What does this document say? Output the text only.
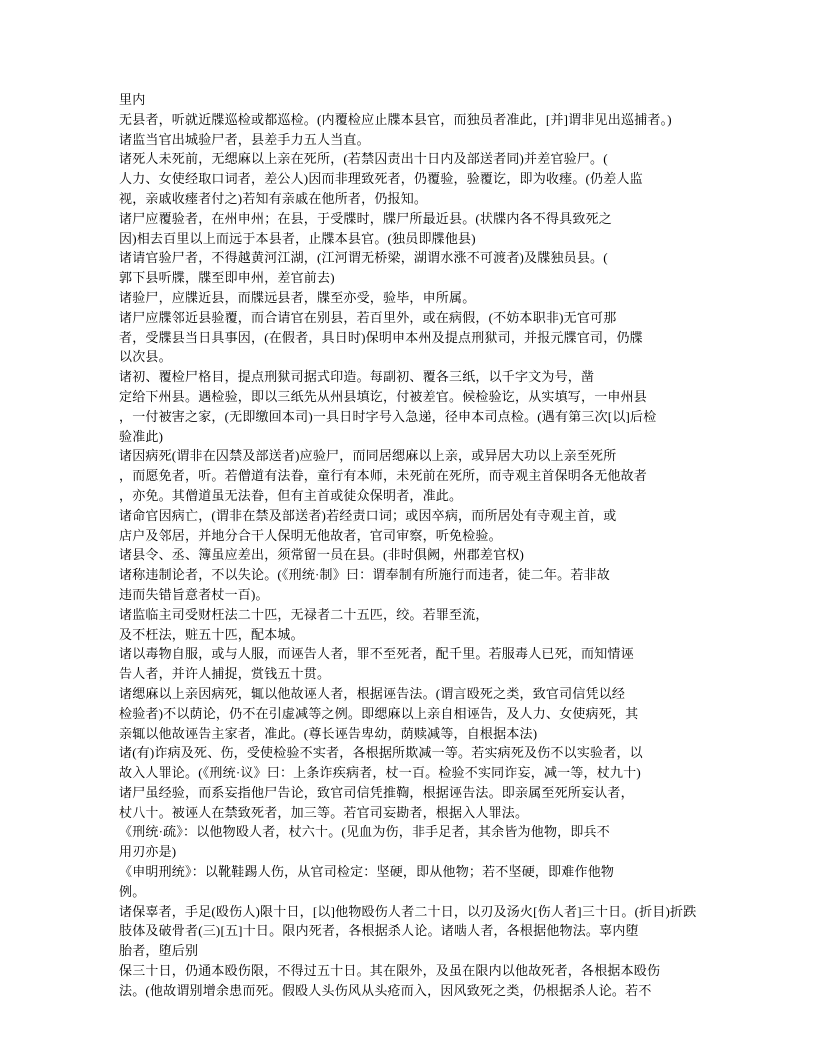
里内
无县者，听就近牒巡检或都巡检。(内覆检应止牒本县官，而独员者准此，[并]谓非见出巡捕者。)
诸监当官出城验尸者，县差手力五人当直。
诸死人未死前，无缌麻以上亲在死所，(若禁囚责出十日内及部送者同)并差官验尸。(
人力、女使经取口词者，差公人)因而非理致死者，仍覆验，验覆讫，即为收瘗。(仍差人监
视，亲戚收瘗者付之)若知有亲戚在他所者，仍报知。
诸尸应覆验者，在州申州；在县，于受牒时，牒尸所最近县。(状牒内各不得具致死之
因)相去百里以上而远于本县者，止牒本县官。(独员即牒他县)
诸请官验尸者，不得越黄河江湖，(江河谓无桥梁，湖谓水涨不可渡者)及牒独员县。(
郭下县听牒，牒至即申州，差官前去)
诸验尸，应牒近县，而牒远县者，牒至亦受，验毕，申所属。
诸尸应牒邻近县验覆，而合请官在别县，若百里外，或在病假，(不妨本职非)无官可那
者，受牒县当日具事因，(在假者，具日时)保明申本州及提点刑狱司，并报元牒官司，仍牒
以次县。
诸初、覆检尸格目，提点刑狱司据式印造。每副初、覆各三纸，以千字文为号，凿
定给下州县。遇检验，即以三纸先从州县填讫，付被差官。候检验讫，从实填写，一申州县
，一付被害之家，(无即缴回本司)一具日时字号入急递，径申本司点检。(遇有第三次[以]后检
验准此)
诸因病死(谓非在囚禁及部送者)应验尸，而同居缌麻以上亲，或异居大功以上亲至死所
，而愿免者，听。若僧道有法眷，童行有本师，未死前在死所，而寺观主首保明各无他故者
，亦免。其僧道虽无法眷，但有主首或徒众保明者，准此。
诸命官因病亡，(谓非在禁及部送者)若经责口词；或因卒病，而所居处有寺观主首，或
店户及邻居，并地分合干人保明无他故者，官司审察，听免检验。
诸县令、丞、簿虽应差出，须常留一员在县。(非时俱阙，州郡差官权)
诸称违制论者，不以失论。(《刑统·制》曰：谓奉制有所施行而违者，徒二年。若非故
违而失错旨意者杖一百)。
诸监临主司受财枉法二十匹，无禄者二十五匹，绞。若罪至流，
及不枉法，赃五十匹，配本城。
诸以毒物自服，或与人服，而诬告人者，罪不至死者，配千里。若服毒人已死，而知情诬
告人者，并许人捕捉，赏钱五十贯。
诸缌麻以上亲因病死，辄以他故诬人者，根据诬告法。(谓言殴死之类，致官司信凭以经
检验者)不以荫论，仍不在引虚减等之例。即缌麻以上亲自相诬告，及人力、女使病死，其
亲辄以他故诬告主家者，准此。(尊长诬告卑幼，荫赎减等，自根据本法)
诸(有)诈病及死、伤，受使检验不实者，各根据所欺减一等。若实病死及伤不以实验者，以
故入人罪论。(《刑统·议》曰：上条诈疾病者，杖一百。检验不实同诈妄，减一等，杖九十)
诸尸虽经验，而系妄指他尸告论，致官司信凭推鞫，根据诬告法。即亲属至死所妄认者，
杖八十。被诬人在禁致死者，加三等。若官司妄勘者，根据入人罪法。
《刑统·疏》：以他物殴人者，杖六十。(见血为伤，非手足者，其余皆为他物，即兵不
用刃亦是)
《申明刑统》：以靴鞋踢人伤，从官司检定：坚硬，即从他物；若不坚硬，即难作他物
例。
诸保辜者，手足(殴伤人)限十日，[以]他物殴伤人者二十日，以刃及汤火[伤人者]三十日。(折目)折跌
肢体及破骨者(三)[五]十日。限内死者，各根据杀人论。诸啮人者，各根据他物法。辜内堕
胎者，堕后别
保三十日，仍通本殴伤限，不得过五十日。其在限外，及虽在限内以他故死者，各根据本殴伤
法。(他故谓别增余患而死。假殴人头伤风从头疮而入，因风致死之类，仍根据杀人论。若不
